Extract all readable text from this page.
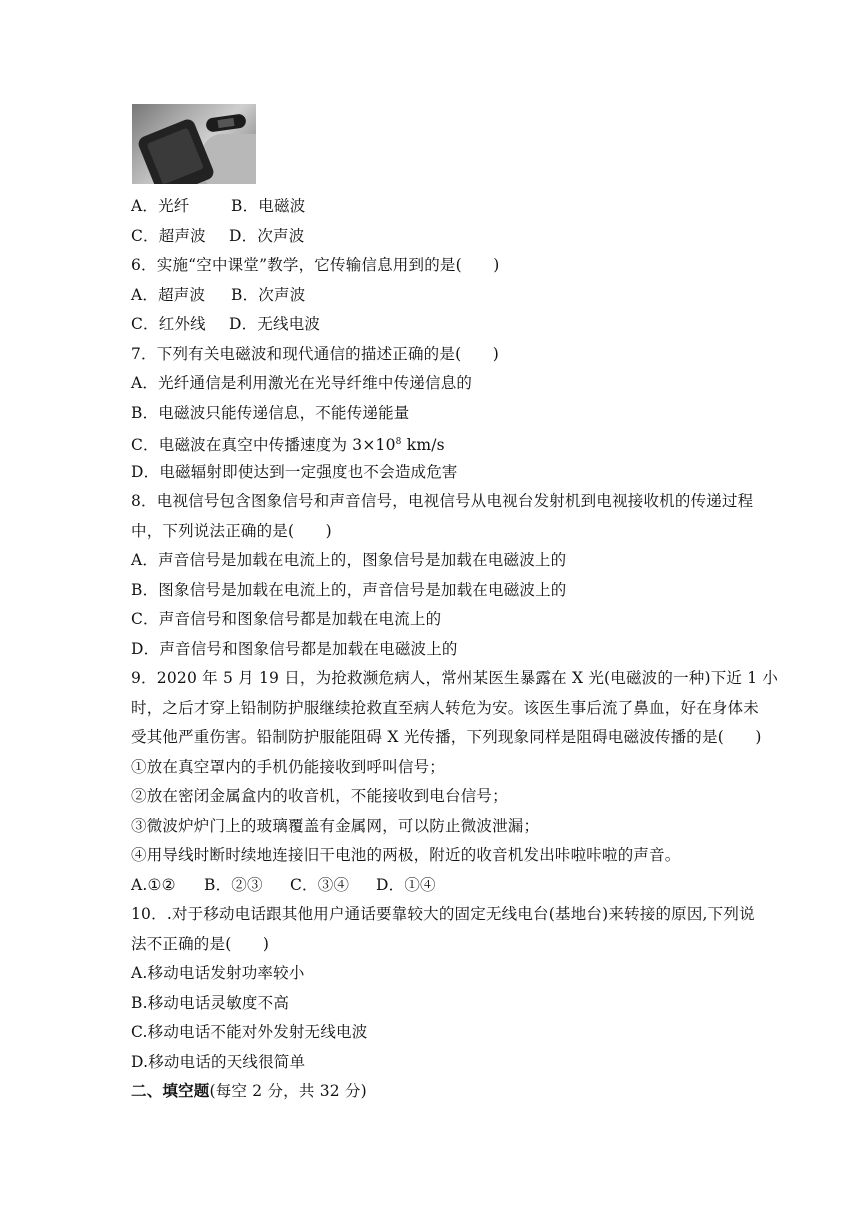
A．光纤	B．电磁波
C．超声波 D．次声波
6．实施“空中课堂”教学，它传输信息用到的是(　　)
A．超声波 B．次声波
C．红外线 D．无线电波
7．下列有关电磁波和现代通信的描述正确的是(　　)
A．光纤通信是利用激光在光导纤维中传递信息的
B．电磁波只能传递信息，不能传递能量
C．电磁波在真空中传播速度为 $3\times 10^8$ km/s
D．电磁辐射即使达到一定强度也不会造成危害
8．电视信号包含图象信号和声音信号，电视信号从电视台发射机到电视接收机的传递过程
中，下列说法正确的是(　　)
A．声音信号是加载在电流上的，图象信号是加载在电磁波上的
B．图象信号是加载在电流上的，声音信号是加载在电磁波上的
C．声音信号和图象信号都是加载在电流上的
D．声音信号和图象信号都是加载在电磁波上的
9．2020 年 5 月 19 日，为抢救濒危病人，常州某医生暴露在 X 光(电磁波的一种)下近 1 小
时，之后才穿上铅制防护服继续抢救直至病人转危为安。该医生事后流了鼻血，好在身体未
受其他严重伤害。铅制防护服能阻碍 X 光传播，下列现象同样是阻碍电磁波传播的是(　　)
①放在真空罩内的手机仍能接收到呼叫信号；
②放在密闭金属盒内的收音机，不能接收到电台信号；
③微波炉炉门上的玻璃覆盖有金属网，可以防止微波泄漏；
④用导线时断时续地连接旧干电池的两极，附近的收音机发出咔啦咔啦的声音。
A.①② B．②③ C．③④ D．①④
10．.对于移动电话跟其他用户通话要靠较大的固定无线电台(基地台)来转接的原因,下列说
法不正确的是(　　)
A.移动电话发射功率较小
B.移动电话灵敏度不高
C.移动电话不能对外发射无线电波
D.移动电话的天线很简单
二、填空题(每空 2 分，共 32 分)
